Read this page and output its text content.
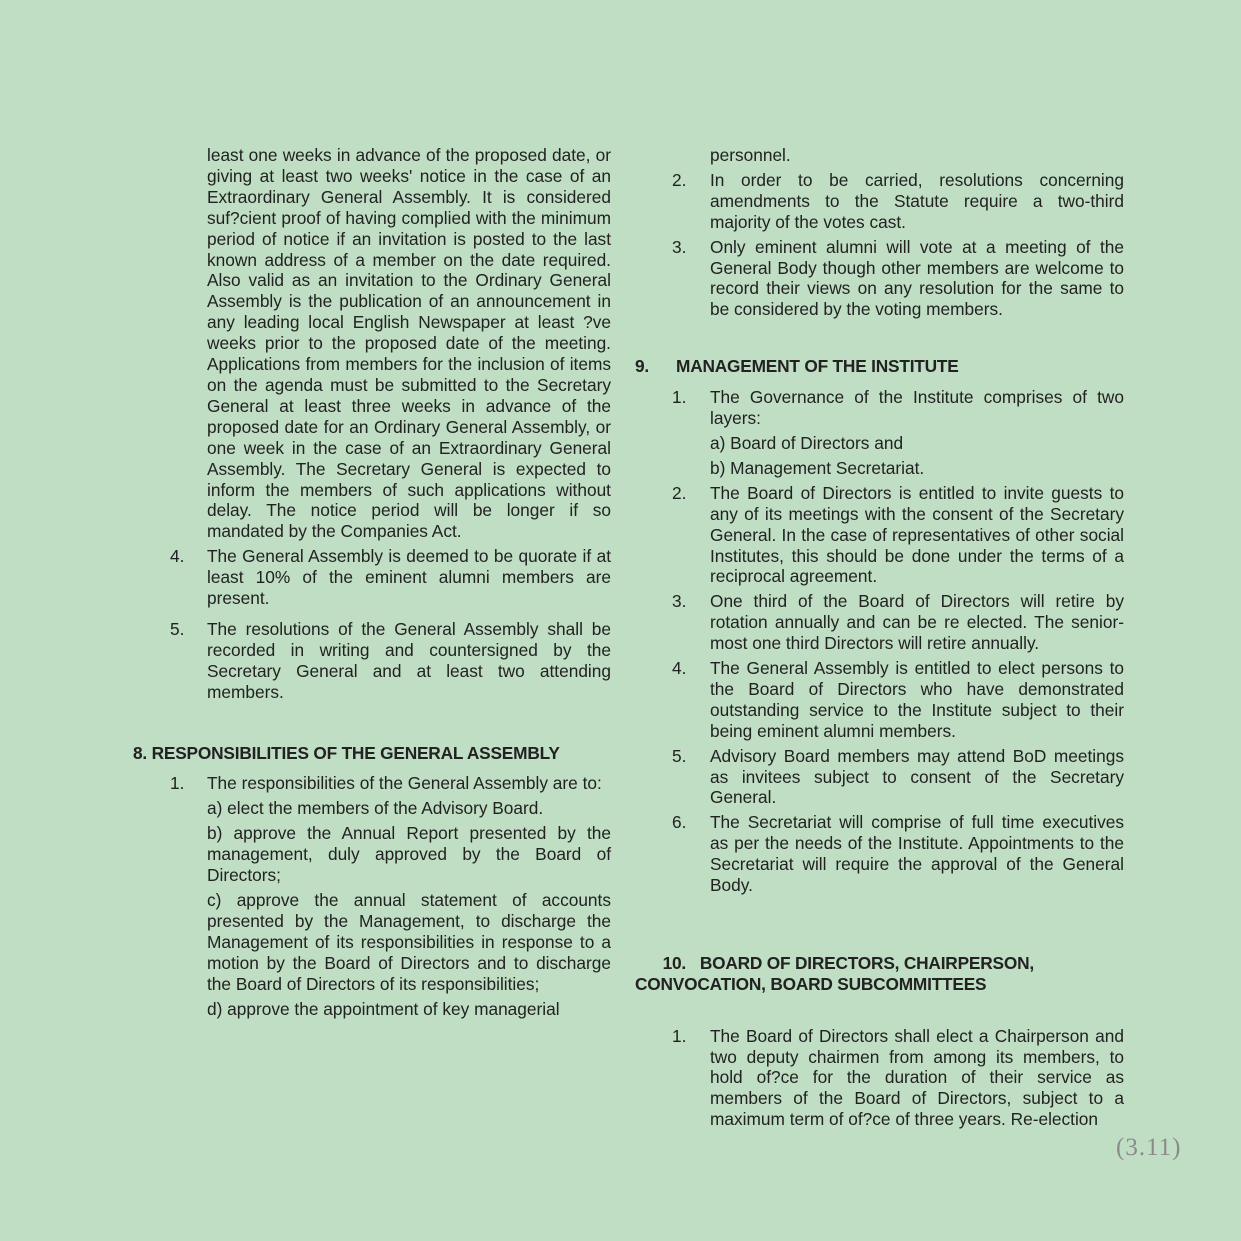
least one weeks in advance of the proposed date, or giving at least two weeks' notice in the case of an Extraordinary General Assembly. It is considered suf?cient proof of having complied with the minimum period of notice if an invitation is posted to the last known address of a member on the date required. Also valid as an invitation to the Ordinary General Assembly is the publication of an announcement in any leading local English Newspaper at least ?ve weeks prior to the proposed date of the meeting. Applications from members for the inclusion of items on the agenda must be submitted to the Secretary General at least three weeks in advance of the proposed date for an Ordinary General Assembly, or one week in the case of an Extraordinary General Assembly. The Secretary General is expected to inform the members of such applications without delay. The notice period will be longer if so mandated by the Companies Act.

4. The General Assembly is deemed to be quorate if at least 10% of the eminent alumni members are present.
5. The resolutions of the General Assembly shall be recorded in writing and countersigned by the Secretary General and at least two attending members.

8. RESPONSIBILITIES OF THE GENERAL ASSEMBLY

1. The responsibilities of the General Assembly are to:

a) elect the members of the Advisory Board.

b) approve the Annual Report presented by the management, duly approved by the Board of Directors;

c) approve the annual statement of accounts presented by the Management, to discharge the Management of its responsibilities in response to a motion by the Board of Directors and to discharge the Board of Directors of its responsibilities;

d) approve the appointment of key managerial

personnel.

2. In order to be carried, resolutions concerning amendments to the Statute require a two-third majority of the votes cast.
3. Only eminent alumni will vote at a meeting of the General Body though other members are welcome to record their views on any resolution for the same to be considered by the voting members.

9. MANAGEMENT OF THE INSTITUTE

1. The Governance of the Institute comprises of two layers:

a) Board of Directors and

b) Management Secretariat.

2. The Board of Directors is entitled to invite guests to any of its meetings with the consent of the Secretary General. In the case of representatives of other social Institutes, this should be done under the terms of a reciprocal agreement.
3. One third of the Board of Directors will retire by rotation annually and can be re elected. The senior-most one third Directors will retire annually.
4. The General Assembly is entitled to elect persons to the Board of Directors who have demonstrated outstanding service to the Institute subject to their being eminent alumni members.
5. Advisory Board members may attend BoD meetings as invitees subject to consent of the Secretary General.
6. The Secretariat will comprise of full time executives as per the needs of the Institute. Appointments to the Secretariat will require the approval of the General Body.

10.   BOARD OF DIRECTORS, CHAIRPERSON,
CONVOCATION, BOARD SUBCOMMITTEES

1. The Board of Directors shall elect a Chairperson and two deputy chairmen from among its members, to hold of?ce for the duration of their service as members of the Board of Directors, subject to a maximum term of of?ce of three years. Re-election
(3.11)
